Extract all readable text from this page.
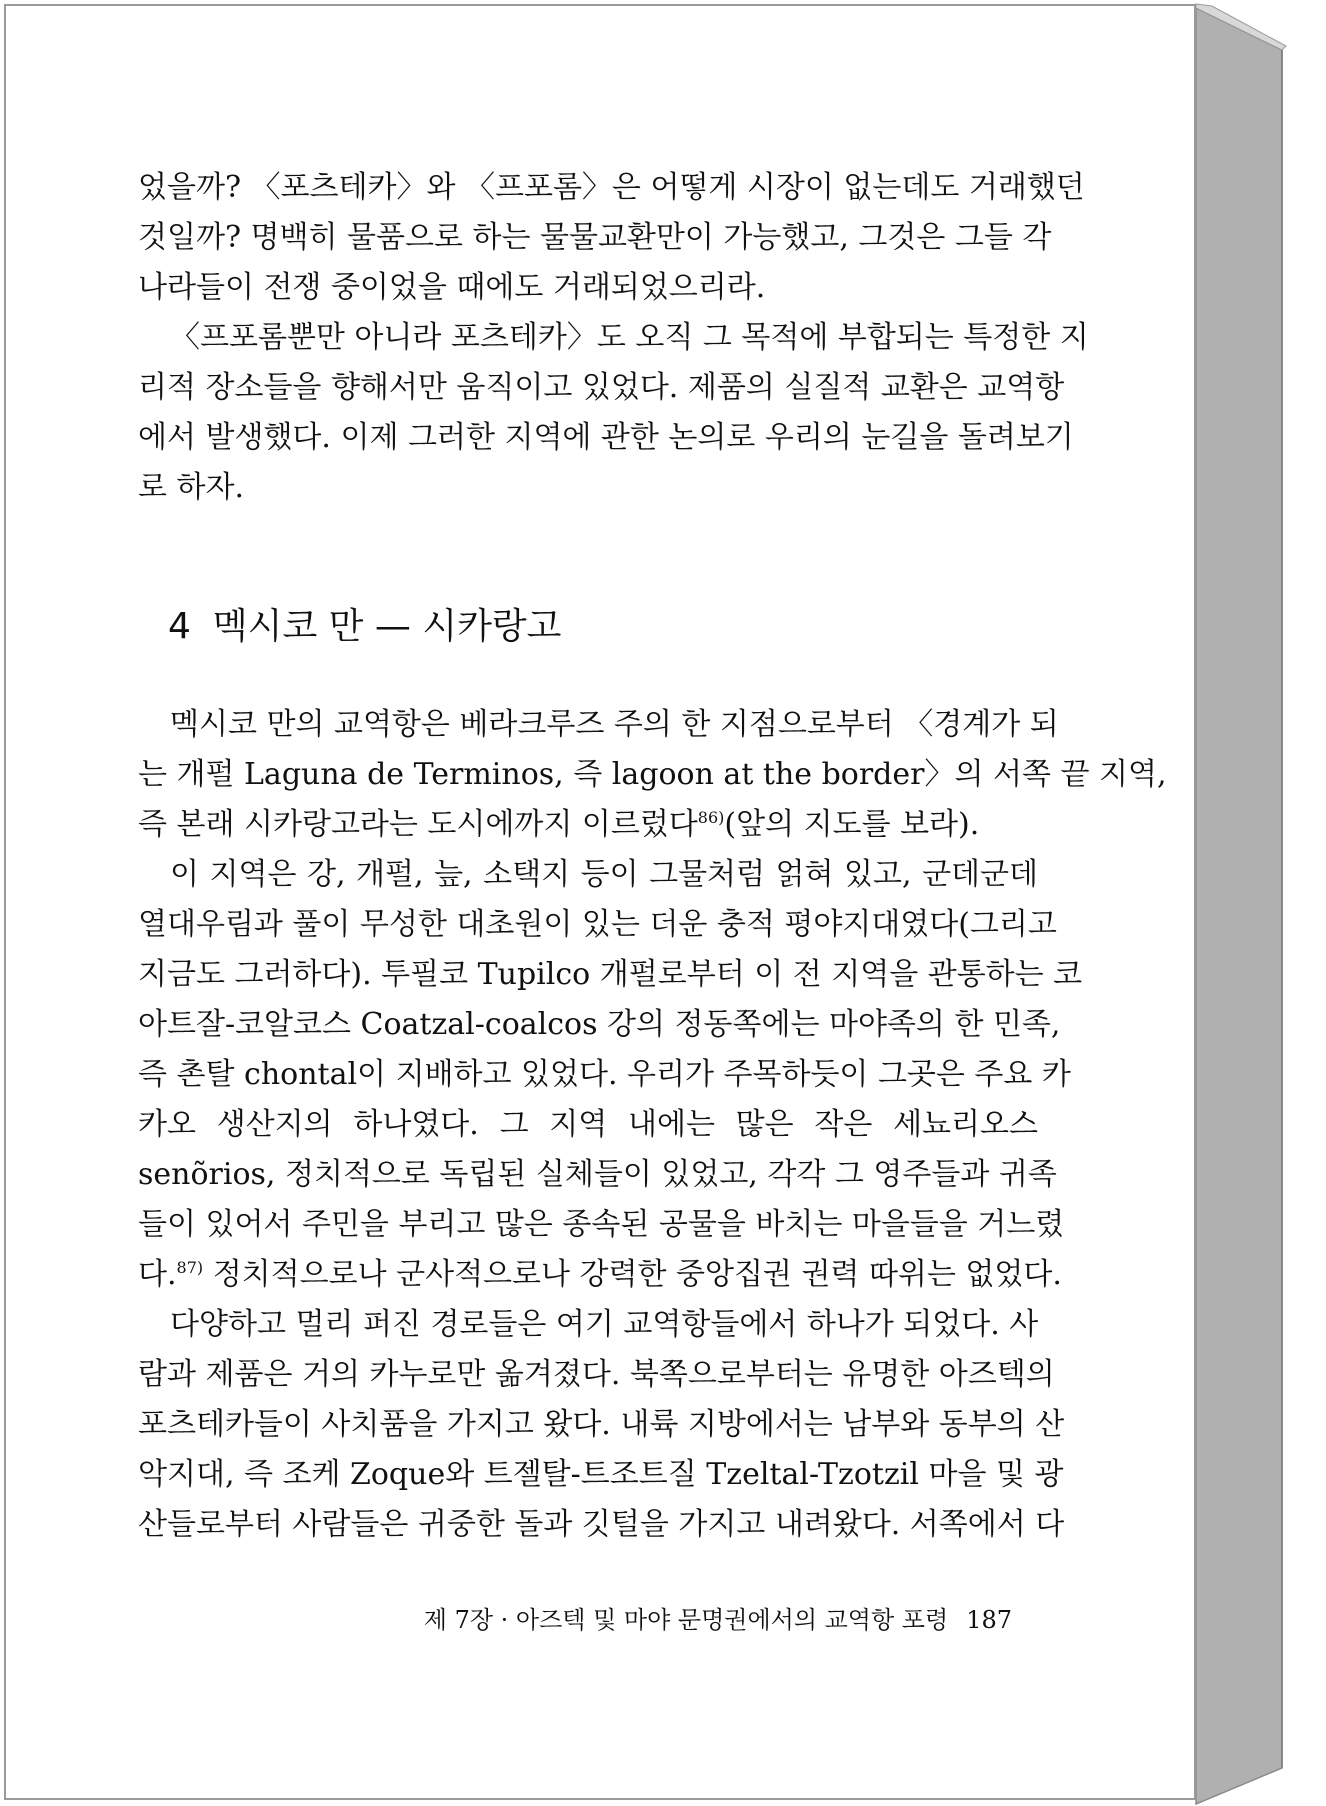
었을까? 〈포츠테카〉와 〈프포롬〉은 어떻게 시장이 없는데도 거래했던
것일까? 명백히 물품으로 하는 물물교환만이 가능했고, 그것은 그들 각
나라들이 전쟁 중이었을 때에도 거래되었으리라.
〈프포롬뿐만 아니라 포츠테카〉도 오직 그 목적에 부합되는 특정한 지
리적 장소들을 향해서만 움직이고 있었다. 제품의 실질적 교환은 교역항
에서 발생했다. 이제 그러한 지역에 관한 논의로 우리의 눈길을 돌려보기
로 하자.
4 멕시코 만 — 시카랑고
멕시코 만의 교역항은 베라크루즈 주의 한 지점으로부터 〈경계가 되
는 개펄 Laguna de Terminos, 즉 lagoon at the border〉의 서쪽 끝 지역,
즉 본래 시카랑고라는 도시에까지 이르렀다$^{86)}$(앞의 지도를 보라).
이 지역은 강, 개펄, 늪, 소택지 등이 그물처럼 얽혀 있고, 군데군데
열대우림과 풀이 무성한 대초원이 있는 더운 충적 평야지대였다(그리고
지금도 그러하다). 투필코 Tupilco 개펄로부터 이 전 지역을 관통하는 코
아트잘-코알코스 Coatzal-coalcos 강의 정동쪽에는 마야족의 한 민족,
즉 촌탈 chontal이 지배하고 있었다. 우리가 주목하듯이 그곳은 주요 카
카오 생산지의 하나였다. 그 지역 내에는 많은 작은 세뇨리오스
senõrios, 정치적으로 독립된 실체들이 있었고, 각각 그 영주들과 귀족
들이 있어서 주민을 부리고 많은 종속된 공물을 바치는 마을들을 거느렸
다.$^{87)}$ 정치적으로나 군사적으로나 강력한 중앙집권 권력 따위는 없었다.
다양하고 멀리 퍼진 경로들은 여기 교역항들에서 하나가 되었다. 사
람과 제품은 거의 카누로만 옮겨졌다. 북쪽으로부터는 유명한 아즈텍의
포츠테카들이 사치품을 가지고 왔다. 내륙 지방에서는 남부와 동부의 산
악지대, 즉 조케 Zoque와 트젤탈-트조트질 Tzeltal-Tzotzil 마을 및 광
산들로부터 사람들은 귀중한 돌과 깃털을 가지고 내려왔다. 서쪽에서 다
제 7장 · 아즈텍 및 마야 문명권에서의 교역항 포령 187
